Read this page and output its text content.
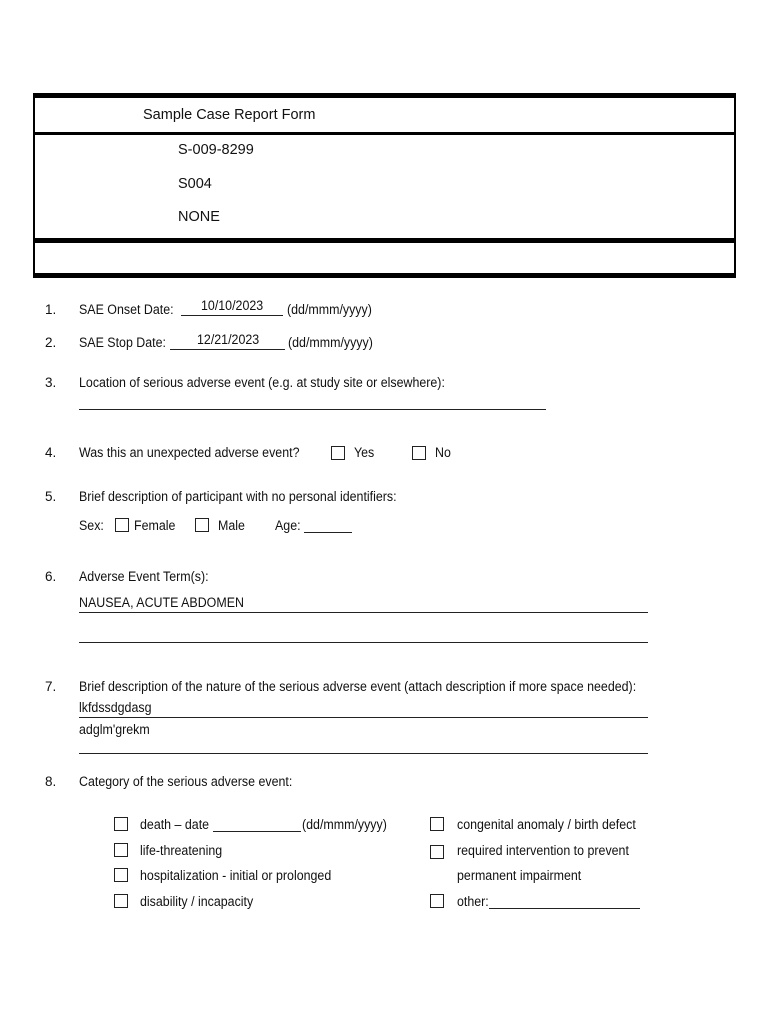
Sample Case Report Form
S-009-8299
S004
NONE
1. SAE Onset Date: 10/10/2023 (dd/mmm/yyyy)
2. SAE Stop Date: 12/21/2023 (dd/mmm/yyyy)
3. Location of serious adverse event (e.g. at study site or elsewhere):
4. Was this an unexpected adverse event?	Yes	No
5. Brief description of participant with no personal identifiers:
Sex: Female	Male Age:
6. Adverse Event Term(s):
NAUSEA, ACUTE ABDOMEN
7. Brief description of the nature of the serious adverse event (attach description if more space needed):
lkfdssdgdasg
adglm'grekm
8. Category of the serious adverse event:
death – date	(dd/mmm/yyyy)
life-threatening
hospitalization - initial or prolonged
disability / incapacity
congenital anomaly / birth defect
required intervention to prevent
permanent impairment
other:
